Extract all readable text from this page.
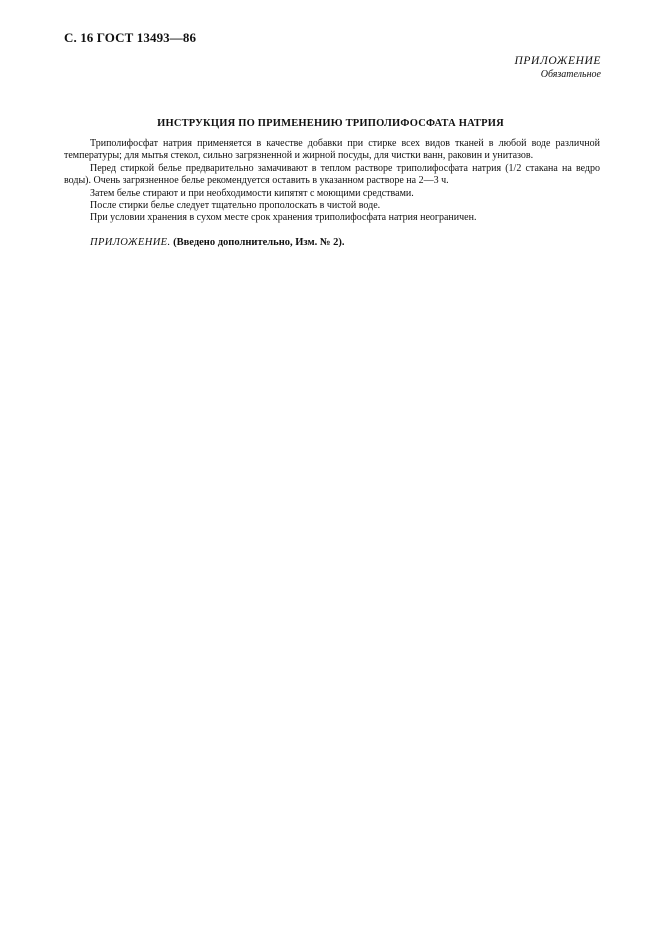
С. 16 ГОСТ 13493—86
ПРИЛОЖЕНИЕ
Обязательное
ИНСТРУКЦИЯ ПО ПРИМЕНЕНИЮ ТРИПОЛИФОСФАТА НАТРИЯ

Триполифосфат натрия применяется в качестве добавки при стирке всех видов тканей в любой воде различной температуры; для мытья стекол, сильно загрязненной и жирной посуды, для чистки ванн, раковин и унитазов.

Перед стиркой белье предварительно замачивают в теплом растворе триполифосфата натрия (1/2 стакана на ведро воды). Очень загрязненное белье рекомендуется оставить в указанном растворе на 2—3 ч.

Затем белье стирают и при необходимости кипятят с моющими средствами.

После стирки белье следует тщательно прополоскать в чистой воде.

При условии хранения в сухом месте срок хранения триполифосфата натрия неограничен.

ПРИЛОЖЕНИЕ. (Введено дополнительно, Изм. № 2).
